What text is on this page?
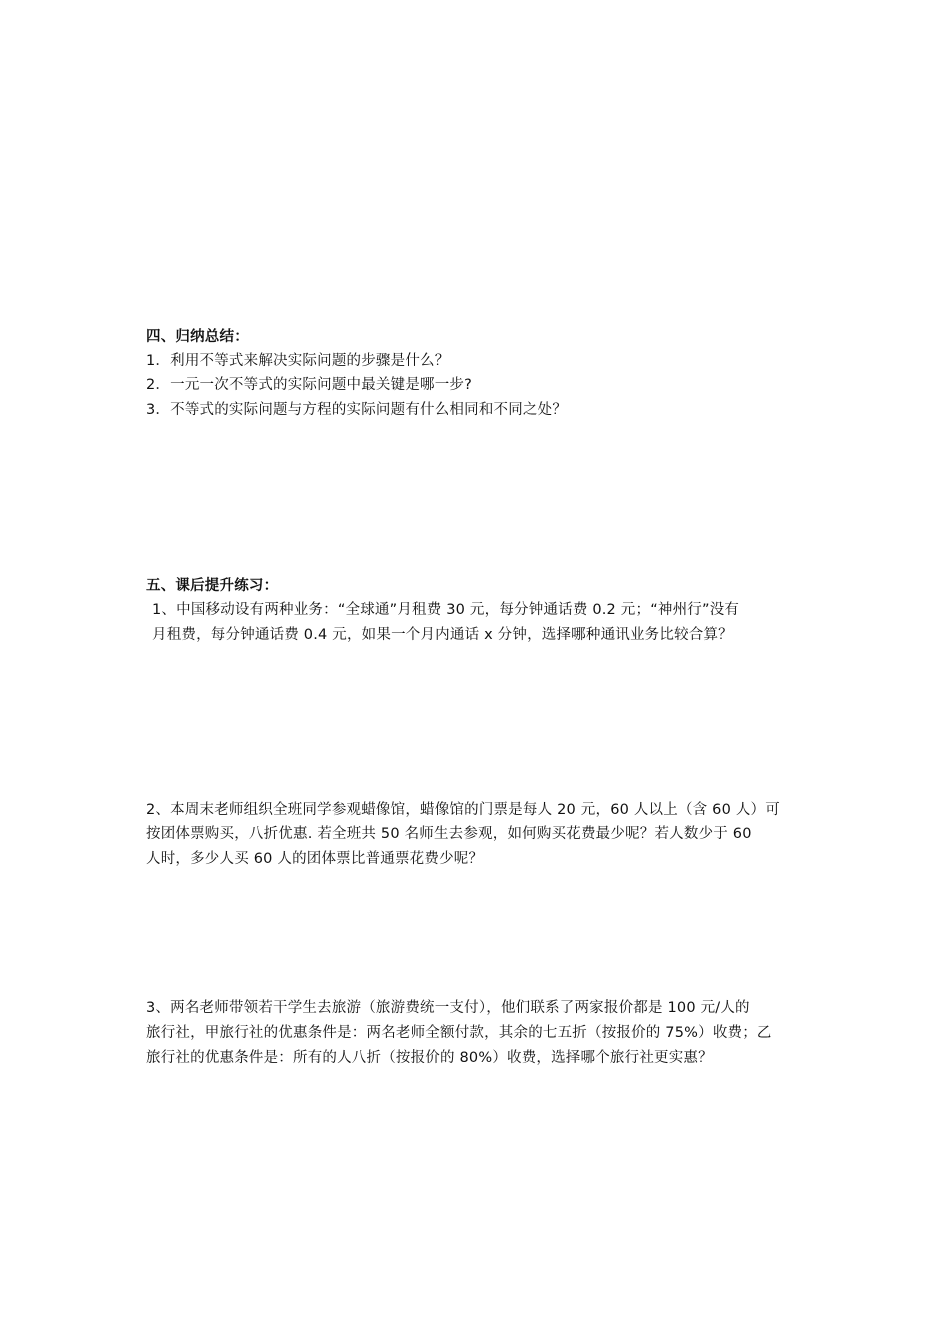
四、归纳总结：
1．利用不等式来解决实际问题的步骤是什么？
2．一元一次不等式的实际问题中最关键是哪一步?
3．不等式的实际问题与方程的实际问题有什么相同和不同之处？
五、课后提升练习：
1、中国移动设有两种业务：“全球通”月租费 30 元，每分钟通话费 0.2 元；“神州行”没有
月租费，每分钟通话费 0.4 元，如果一个月内通话 x 分钟，选择哪种通讯业务比较合算？
2、本周末老师组织全班同学参观蜡像馆，蜡像馆的门票是每人 20 元，60 人以上（含 60 人）可
按团体票购买，八折优惠. 若全班共 50 名师生去参观，如何购买花费最少呢？若人数少于 60
人时，多少人买 60 人的团体票比普通票花费少呢？
3、两名老师带领若干学生去旅游（旅游费统一支付），他们联系了两家报价都是 100 元/人的
旅行社，甲旅行社的优惠条件是：两名老师全额付款，其余的七五折（按报价的 75%）收费；乙
旅行社的优惠条件是：所有的人八折（按报价的 80%）收费，选择哪个旅行社更实惠？
